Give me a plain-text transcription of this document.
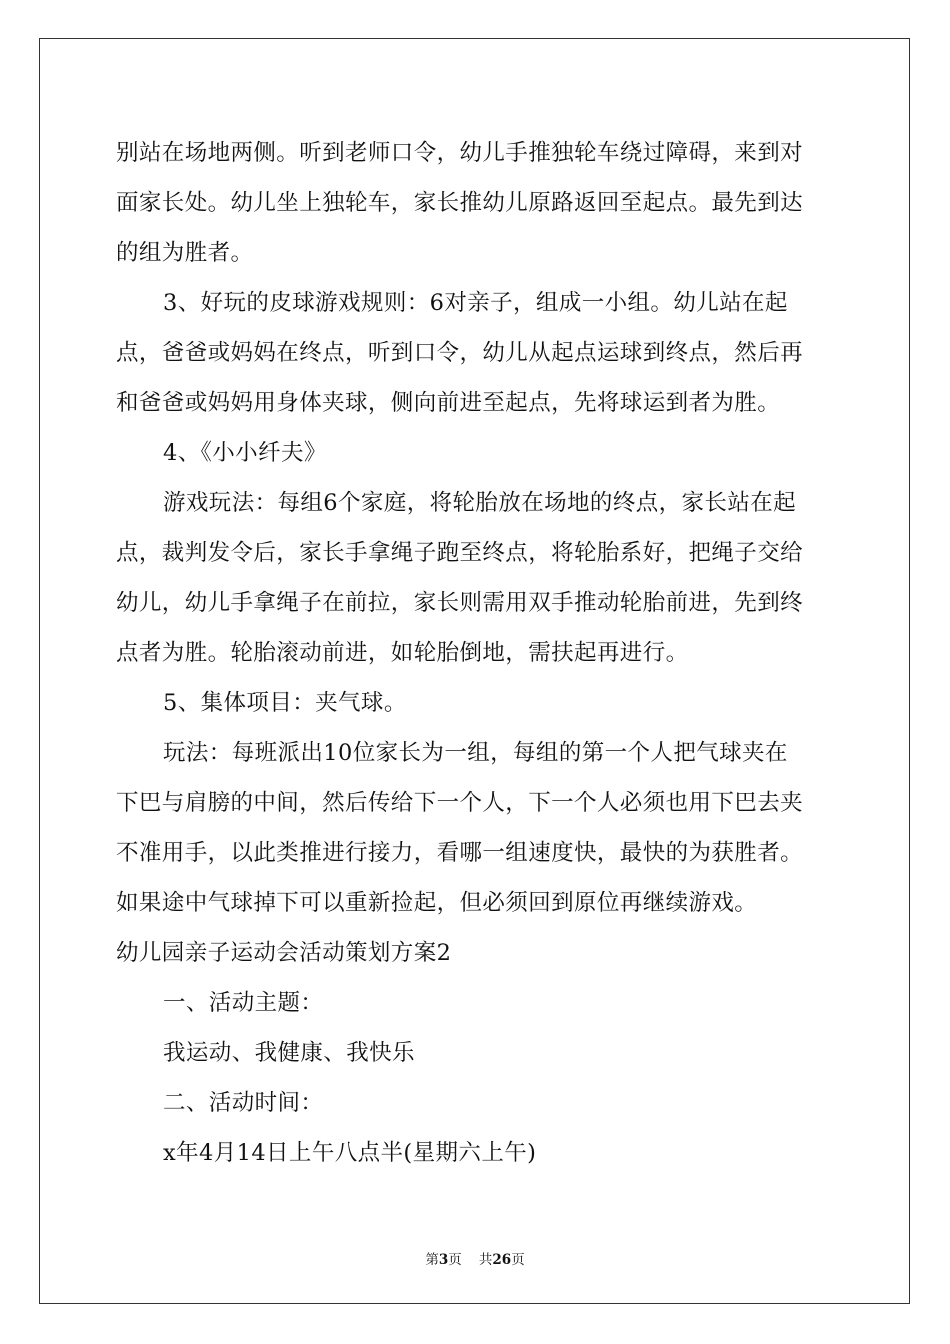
别站在场地两侧。听到老师口令，幼儿手推独轮车绕过障碍，来到对
面家长处。幼儿坐上独轮车，家长推幼儿原路返回至起点。最先到达
的组为胜者。
3、好玩的皮球游戏规则：6对亲子，组成一小组。幼儿站在起
点，爸爸或妈妈在终点，听到口令，幼儿从起点运球到终点，然后再
和爸爸或妈妈用身体夹球，侧向前进至起点，先将球运到者为胜。
4、《小小纤夫》
游戏玩法：每组6个家庭，将轮胎放在场地的终点，家长站在起
点，裁判发令后，家长手拿绳子跑至终点，将轮胎系好，把绳子交给
幼儿，幼儿手拿绳子在前拉，家长则需用双手推动轮胎前进，先到终
点者为胜。轮胎滚动前进，如轮胎倒地，需扶起再进行。
5、集体项目：夹气球。
玩法：每班派出10位家长为一组，每组的第一个人把气球夹在
下巴与肩膀的中间，然后传给下一个人，下一个人必须也用下巴去夹
不准用手，以此类推进行接力，看哪一组速度快，最快的为获胜者。
如果途中气球掉下可以重新捡起，但必须回到原位再继续游戏。
幼儿园亲子运动会活动策划方案2
一、活动主题：
我运动、我健康、我快乐
二、活动时间：
x年4月14日上午八点半(星期六上午)
第3页 共26页
